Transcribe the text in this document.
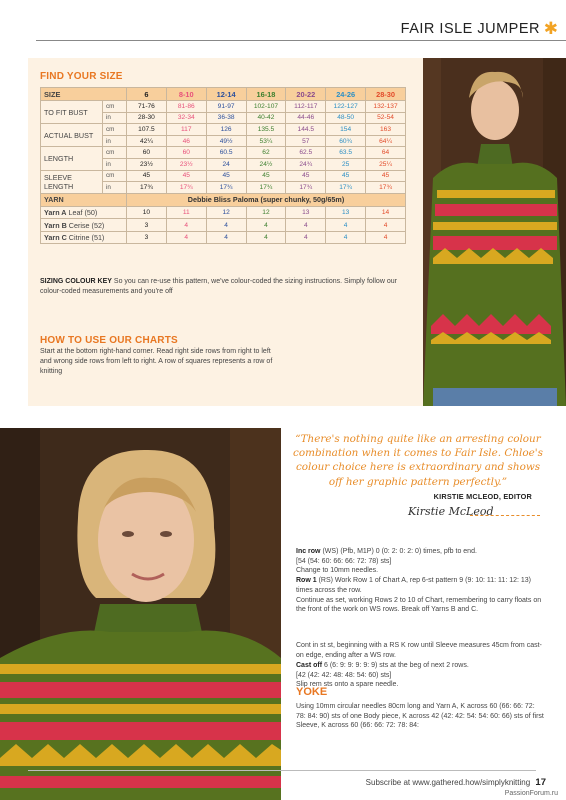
FAIR ISLE JUMPER ✱
FIND YOUR SIZE
SIZE		6	8-10	12-14	16-18	20-22	24-26	28-30
TO FIT BUST	cm	71-76	81-86	91-97	102-107	112-117	122-127	132-137
	in	28-30	32-34	36-38	40-42	44-46	48-50	52-54
ACTUAL BUST	cm	107.5	117	126	135.5	144.5	154	163
	in	42¼	46	49½	53¼	57	60¾	64¼
LENGTH	cm	60	60	60.5	62	62.5	63.5	64
	in	23½	23½	24	24½	24¾	25	25¼
SLEEVE LENGTH	cm	45	45	45	45	45	45	45
	in	17¾	17¾	17¾	17¾	17¾	17¾	17¾
YARN		Debbie Bliss Paloma (super chunky, 50g/65m)						
Yarn A Leaf (50)		10	11	12	12	13	13	14
Yarn B Cerise (52)		3	4	4	4	4	4	4
Yarn C Citrine (51)		3	4	4	4	4	4	4
SIZING COLOUR KEY So you can re-use this pattern, we've colour-coded the sizing instructions. Simply follow our colour-coded measurements and you're off
HOW TO USE OUR CHARTS
Start at the bottom right-hand corner. Read right side rows from right to left and wrong side rows from left to right. A row of squares represents a row of knitting
“There's nothing quite like an arresting colour combination when it comes to Fair Isle. Chloe's colour choice here is extraordinary and shows off her graphic pattern perfectly.”
KIRSTIE MCLEOD, EDITOR
Kirstie McLeod
Inc row (WS) (Pfb, M1P) 0 (0: 2: 0: 2: 0) times, pfb to end.
[54 (54: 60: 66: 66: 72: 78) sts]
Change to 10mm needles.
Row 1 (RS) Work Row 1 of Chart A, rep 6-st pattern 9 (9: 10: 11: 11: 12: 13) times across the row.
Continue as set, working Rows 2 to 10 of Chart, remembering to carry floats on the front of the work on WS rows. Break off Yarns B and C.
Cont in st st, beginning with a RS K row until Sleeve measures 45cm from cast-on edge, ending after a WS row.
Cast off 6 (6: 9: 9: 9: 9: 9) sts at the beg of next 2 rows.
[42 (42: 42: 48: 48: 54: 60) sts]
Slip rem sts onto a spare needle.
YOKE
Using 10mm circular needles 80cm long and Yarn A, K across 60 (66: 66: 72: 78: 84: 90) sts of one Body piece, K across 42 (42: 42: 54: 54: 60: 66) sts of first Sleeve, K across 60 (66: 66: 72: 78: 84:
Subscribe at www.gathered.how/simplyknitting 17
PassionForum.ru
